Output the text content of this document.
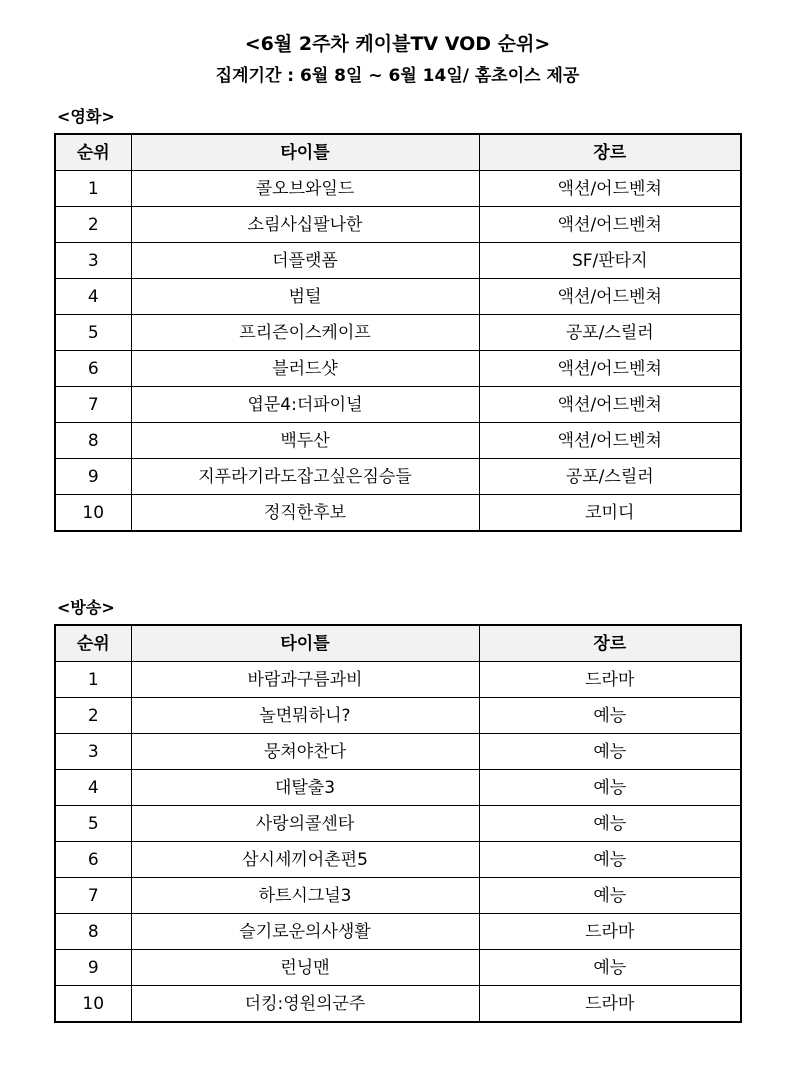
<6월 2주차 케이블TV VOD 순위>
집계기간 : 6월 8일 ~ 6월 14일/ 홈초이스 제공
<영화>
순위	타이틀	장르
1	콜오브와일드	액션/어드벤쳐
2	소림사십팔나한	액션/어드벤쳐
3	더플랫폼	SF/판타지
4	범털	액션/어드벤쳐
5	프리즌이스케이프	공포/스릴러
6	블러드샷	액션/어드벤쳐
7	엽문4:더파이널	액션/어드벤쳐
8	백두산	액션/어드벤쳐
9	지푸라기라도잡고싶은짐승들	공포/스릴러
10	정직한후보	코미디
<방송>
순위	타이틀	장르
1	바람과구름과비	드라마
2	놀면뭐하니?	예능
3	뭉쳐야찬다	예능
4	대탈출3	예능
5	사랑의콜센타	예능
6	삼시세끼어촌편5	예능
7	하트시그널3	예능
8	슬기로운의사생활	드라마
9	런닝맨	예능
10	더킹:영원의군주	드라마
